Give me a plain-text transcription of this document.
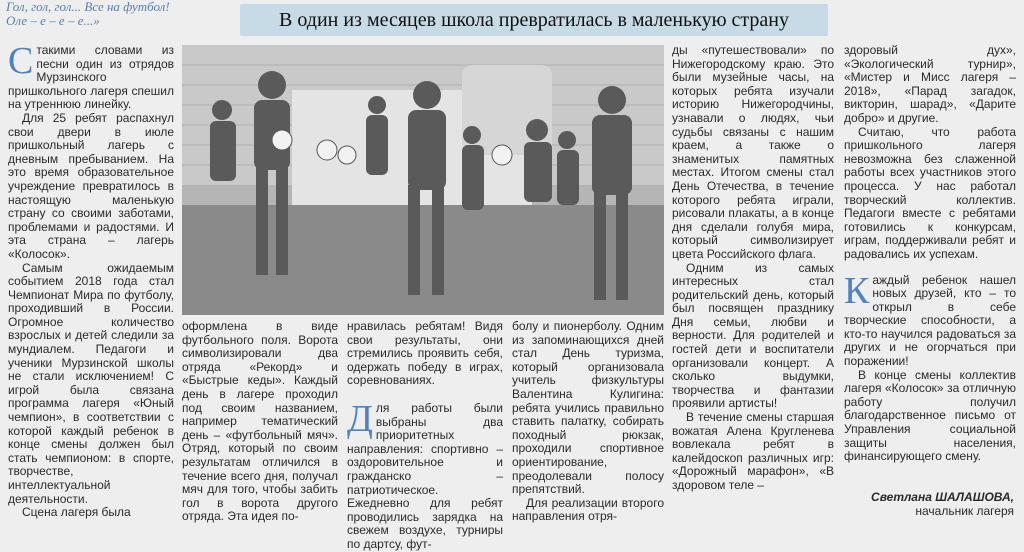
Гол, гол, гол... Все на футбол!
Оле – е – е – е...»	В один из месяцев школа превратилась в маленькую страну

Стакими словами из песни один из отрядов Мурзинского пришкольного лагеря спешил на утреннюю линейку.

Для 25 ребят распахнул свои двери в июле пришкольный лагерь с дневным пребыванием. На это время образовательное учреждение превратилось в настоящую маленькую страну со своими заботами, проблемами и радостями. И эта страна – лагерь «Колосок».

Самым ожидаемым событием 2018 года стал Чемпионат Мира по футболу, проходивший в России. Огромное количество взрослых и детей следили за мундиалем. Педагоги и ученики Мурзинской школы не стали исключением! С игрой была связана программа лагеря «Юный чемпион», в соответствии с которой каждый ребенок в конце смены должен был стать чемпионом: в спорте, творчестве, интеллектуальной деятельности.

Сцена лагеря была

оформлена в виде футбольного поля. Ворота символизировали два отряда «Рекорд» и «Быстрые кеды». Каждый день в лагере проходил под своим названием, например тематический день – «футбольный мяч». Отряд, который по своим результатам отличился в течение всего дня, получал мяч для того, чтобы забить гол в ворота другого отряда. Эта идея по-

нравилась ребятам! Видя свои результаты, они стремились проявить себя, одержать победу в играх, соревнованиях.

Для работы были выбраны два приоритетных направления: спортивно – оздоровительное и гражданско – патриотическое. Ежедневно для ребят проводились зарядка на свежем воздухе, турниры по дартсу, фут-

болу и пионерболу. Одним из запоминающихся дней стал День туризма, который организовала учитель физкультуры Валентина Кулигина: ребята учились правильно ставить палатку, собирать походный рюкзак, проходили спортивное ориентирование, преодолевали полосу препятствий.

Для реализации второго направления отря-

ды «путешествовали» по Нижегородскому краю. Это были музейные часы, на которых ребята изучали историю Нижегородчины, узнавали о людях, чьи судьбы связаны с нашим краем, а также о знаменитых памятных местах. Итогом смены стал День Отечества, в течение которого ребята играли, рисовали плакаты, а в конце дня сделали голубя мира, который символизирует цвета Российского флага.

Одним из самых интересных стал родительский день, который был посвящен празднику Дня семьи, любви и верности. Для родителей и гостей дети и воспитатели организовали концерт. А сколько выдумки, творчества и фантазии проявили артисты!

В течение смены старшая вожатая Алена Кругленева вовлекала ребят в калейдоскоп различных игр: «Дорожный марафон», «В здоровом теле –

здоровый дух», «Экологический турнир», «Мистер и Мисс лагеря – 2018», «Парад загадок, викторин, шарад», «Дарите добро» и другие.

Считаю, что работа пришкольного лагеря невозможна без слаженной работы всех участников этого процесса. У нас работал творческий коллектив. Педагоги вместе с ребятами готовились к конкурсам, играм, поддерживали ребят и радовались их успехам.

Каждый ребенок нашел новых друзей, кто – то открыл в себе творческие способности, а кто-то научился радоваться за других и не огорчаться при поражении!

В конце смены коллектив лагеря «Колосок» за отличную работу получил благодарственное письмо от Управления социальной защиты населения, финансирующего смену.

Светлана ШАЛАШОВА,
начальник лагеря
